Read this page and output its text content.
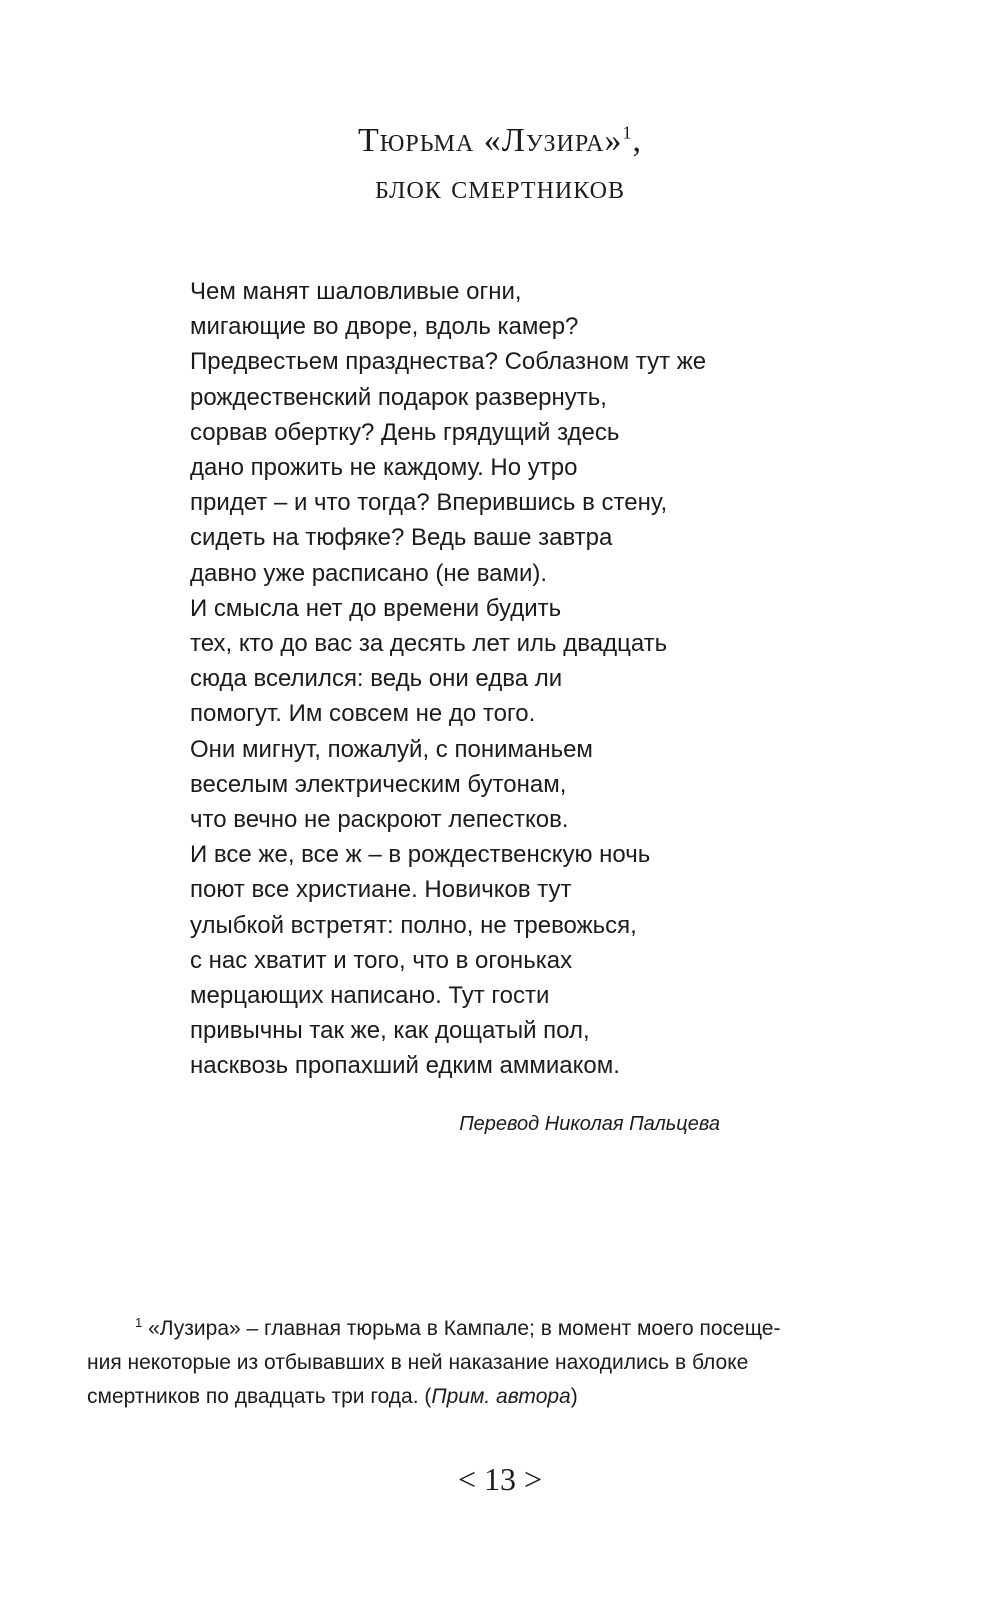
Тюрьма «Лузира»$^1$,
блок смертников
Чем манят шаловливые огни,
мигающие во дворе, вдоль камер?
Предвестьем празднества? Соблазном тут же
рождественский подарок развернуть,
сорвав обертку? День грядущий здесь
дано прожить не каждому. Но утро
придет – и что тогда? Вперившись в стену,
сидеть на тюфяке? Ведь ваше завтра
давно уже расписано (не вами).
И смысла нет до времени будить
тех, кто до вас за десять лет иль двадцать
сюда вселился: ведь они едва ли
помогут. Им совсем не до того.
Они мигнут, пожалуй, с пониманьем
веселым электрическим бутонам,
что вечно не раскроют лепестков.
И все же, все ж – в рождественскую ночь
поют все христиане. Новичков тут
улыбкой встретят: полно, не тревожься,
с нас хватит и того, что в огоньках
мерцающих написано. Тут гости
привычны так же, как дощатый пол,
насквозь пропахший едким аммиаком.
Перевод Николая Пальцева
$^1$ «Лузира» – главная тюрьма в Кампале; в момент моего посеще-
ния некоторые из отбывавших в ней наказание находились в блоке
смертников по двадцать три года. (Прим. автора)
< 13 >
